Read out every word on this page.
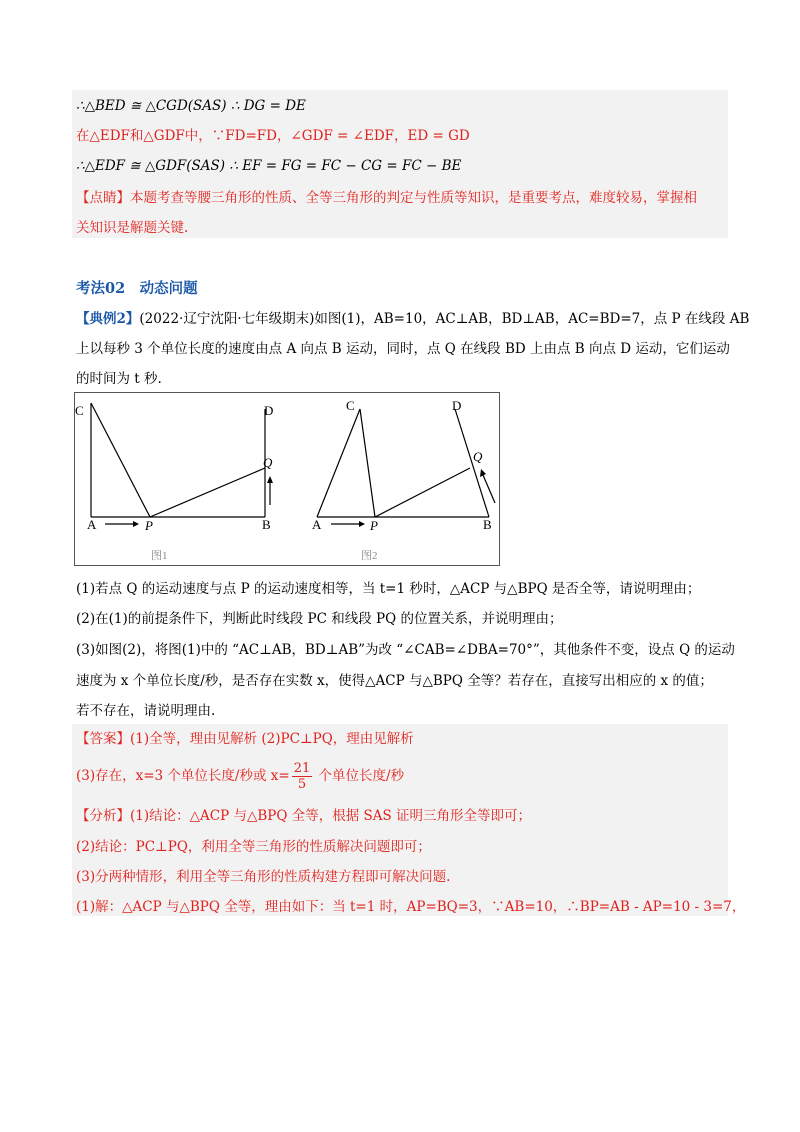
∴△BED ≅ △CGD(SAS) ∴ DG = DE
在△EDF和△GDF中，∵FD=FD，∠GDF = ∠EDF，ED = GD
∴△EDF ≅ △GDF(SAS) ∴ EF = FG = FC − CG = FC − BE
【点睛】本题考查等腰三角形的性质、全等三角形的判定与性质等知识，是重要考点，难度较易，掌握相
关知识是解题关键.
考法02　动态问题
【典例2】(2022·辽宁沈阳·七年级期末)如图(1)，AB=10，AC⊥AB，BD⊥AB，AC=BD=7，点 P 在线段 AB
上以每秒 3 个单位长度的速度由点 A 向点 B 运动，同时，点 Q 在线段 BD 上由点 B 向点 D 运动，它们运动
的时间为 t 秒.
C	D
Q
A	P	B
图1
C	D
Q
A	P	B
图2
(1)若点 Q 的运动速度与点 P 的运动速度相等，当 t=1 秒时，△ACP 与△BPQ 是否全等，请说明理由；
(2)在(1)的前提条件下，判断此时线段 PC 和线段 PQ 的位置关系，并说明理由；
(3)如图(2)，将图(1)中的 “AC⊥AB，BD⊥AB”为改 “∠CAB=∠DBA=70°”，其他条件不变，设点 Q 的运动
速度为 x 个单位长度/秒，是否存在实数 x，使得△ACP 与△BPQ 全等？若存在，直接写出相应的 x 的值；
若不存在，请说明理由.
【答案】(1)全等，理由见解析 (2)PC⊥PQ，理由见解析
(3)存在，x=3 个单位长度/秒或 $x= \frac{21}{5}$ 个单位长度/秒
【分析】(1)结论：△ACP 与△BPQ 全等，根据 SAS 证明三角形全等即可；
(2)结论：PC⊥PQ，利用全等三角形的性质解决问题即可；
(3)分两种情形，利用全等三角形的性质构建方程即可解决问题.
(1)解：△ACP 与△BPQ 全等，理由如下：当 t=1 时，AP=BQ=3，∵AB=10，∴BP=AB - AP=10 - 3=7，
